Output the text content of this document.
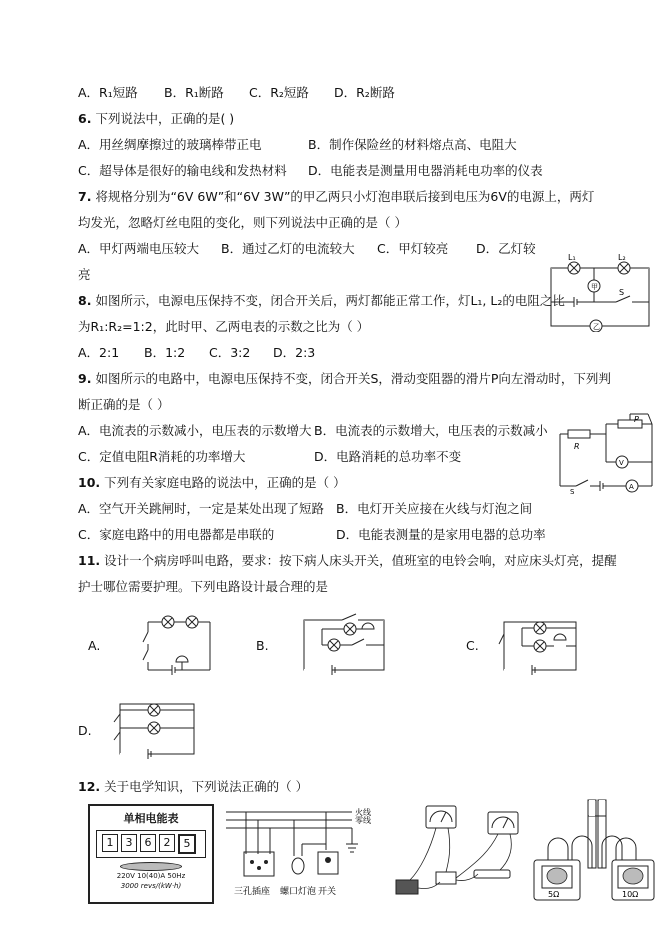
A．R₁短路 B．R₁断路 C．R₂短路 D．R₂断路
6. 下列说法中，正确的是( )
A．用丝绸摩擦过的玻璃棒带正电	B．制作保险丝的材料熔点高、电阻大
C．超导体是很好的输电线和发热材料 D．电能表是测量用电器消耗电功率的仪表
7. 将规格分别为“6V 6W”和“6V 3W”的甲乙两只小灯泡串联后接到电压为6V的电源上，两灯
均发光，忽略灯丝电阻的变化，则下列说法中正确的是（ ）
A．甲灯两端电压较大 B．通过乙灯的电流较大 C．甲灯较亮 D．乙灯较
亮
甲
乙
L₁	L₂
S
8. 如图所示，电源电压保持不变，闭合开关后，两灯都能正常工作，灯L₁, L₂的电阻之比
为R₁:R₂=1:2，此时甲、乙两电表的示数之比为（ ）
A．2:1 B．1:2 C．3:2 D．2:3
9. 如图所示的电路中，电源电压保持不变，闭合开关S，滑动变阻器的滑片P向左滑动时，下列判
断正确的是（ ）
A．电流表的示数减小，电压表的示数增大 B．电流表的示数增大，电压表的示数减小
C．定值电阻R消耗的功率增大	D．电路消耗的总功率不变
R
P
S
V
A
10. 下列有关家庭电路的说法中，正确的是（ ）
A．空气开关跳闸时，一定是某处出现了短路 B．电灯开关应接在火线与灯泡之间
C．家庭电路中的用电器都是串联的	D．电能表测量的是家用电器的总功率
11. 设计一个病房呼叫电路，要求：按下病人床头开关，值班室的电铃会响，对应床头灯亮，提醒
护士哪位需要护理。下列电路设计最合理的是
A.	B.	C.
D.
12. 关于电学知识，下列说法正确的（ ）
单相电能表
1	3	6	2	5
220V 10(40)A 50Hz
3000 revs/(kW·h)
火线
零线
三孔插座 螺口灯泡 开关	5Ω	10Ω
